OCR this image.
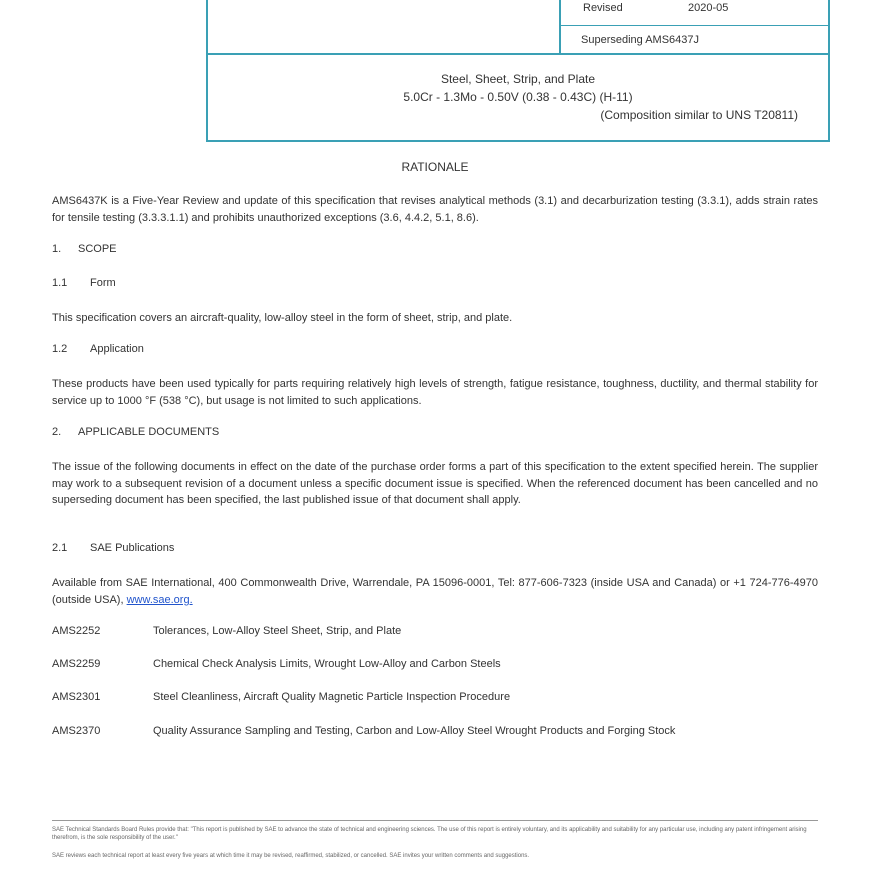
Revised	2020-05
Superseding AMS6437J
Steel, Sheet, Strip, and Plate
5.0Cr - 1.3Mo - 0.50V (0.38 - 0.43C) (H-11)
(Composition similar to UNS T20811)
RATIONALE
AMS6437K is a Five-Year Review and update of this specification that revises analytical methods (3.1) and decarburization testing (3.3.1), adds strain rates for tensile testing (3.3.3.1.1) and prohibits unauthorized exceptions (3.6, 4.4.2, 5.1, 8.6).
1. SCOPE
1.1 Form
This specification covers an aircraft-quality, low-alloy steel in the form of sheet, strip, and plate.
1.2 Application
These products have been used typically for parts requiring relatively high levels of strength, fatigue resistance, toughness, ductility, and thermal stability for service up to 1000 °F (538 °C), but usage is not limited to such applications.
2. APPLICABLE DOCUMENTS
The issue of the following documents in effect on the date of the purchase order forms a part of this specification to the extent specified herein. The supplier may work to a subsequent revision of a document unless a specific document issue is specified. When the referenced document has been cancelled and no superseding document has been specified, the last published issue of that document shall apply.
2.1 SAE Publications
Available from SAE International, 400 Commonwealth Drive, Warrendale, PA 15096-0001, Tel: 877-606-7323 (inside USA and Canada) or +1 724-776-4970 (outside USA), www.sae.org.
AMS2252	Tolerances, Low-Alloy Steel Sheet, Strip, and Plate
AMS2259	Chemical Check Analysis Limits, Wrought Low-Alloy and Carbon Steels
AMS2301	Steel Cleanliness, Aircraft Quality Magnetic Particle Inspection Procedure
AMS2370	Quality Assurance Sampling and Testing, Carbon and Low-Alloy Steel Wrought Products and Forging Stock
SAE Technical Standards Board Rules provide that: "This report is published by SAE to advance the state of technical and engineering sciences. The use of this report is entirely voluntary, and its applicability and suitability for any particular use, including any patent infringement arising therefrom, is the sole responsibility of the user."
SAE reviews each technical report at least every five years at which time it may be revised, reaffirmed, stabilized, or cancelled. SAE invites your written comments and suggestions.
